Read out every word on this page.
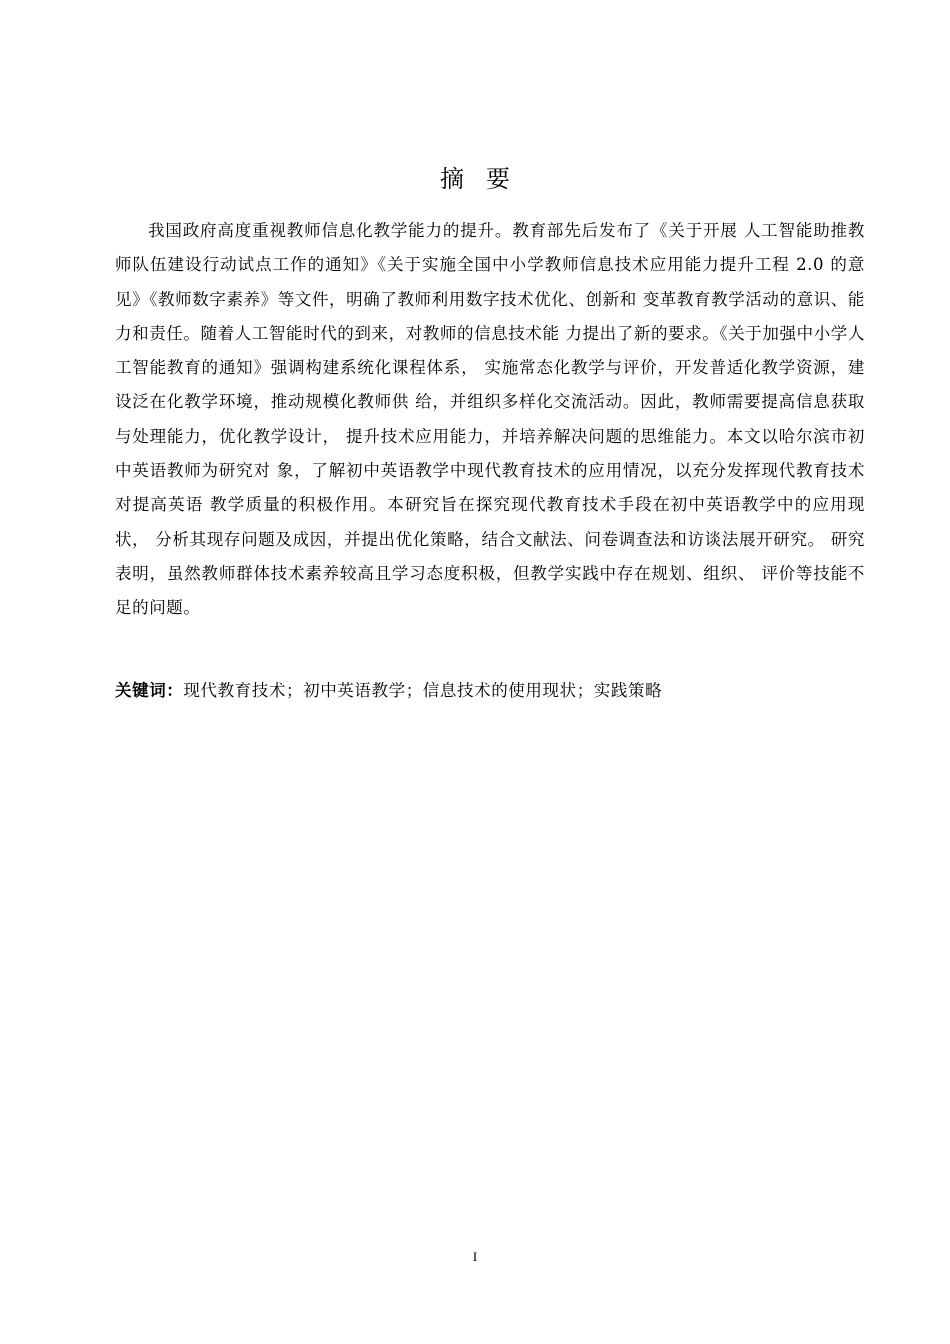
摘 要

我国政府高度重视教师信息化教学能力的提升。教育部先后发布了《关于开展 人工智能助推教师队伍建设行动试点工作的通知》《关于实施全国中小学教师信息技术应用能力提升工程 2.0 的意见》《教师数字素养》等文件，明确了教师利用数字技术优化、创新和 变革教育教学活动的意识、能力和责任。随着人工智能时代的到来，对教师的信息技术能 力提出了新的要求。《关于加强中小学人工智能教育的通知》强调构建系统化课程体系， 实施常态化教学与评价，开发普适化教学资源，建设泛在化教学环境，推动规模化教师供 给，并组织多样化交流活动。因此，教师需要提高信息获取与处理能力，优化教学设计， 提升技术应用能力，并培养解决问题的思维能力。本文以哈尔滨市初中英语教师为研究对 象，了解初中英语教学中现代教育技术的应用情况，以充分发挥现代教育技术对提高英语 教学质量的积极作用。本研究旨在探究现代教育技术手段在初中英语教学中的应用现状， 分析其现存问题及成因，并提出优化策略，结合文献法、问卷调查法和访谈法展开研究。 研究表明，虽然教师群体技术素养较高且学习态度积极，但教学实践中存在规划、组织、 评价等技能不足的问题。

关键词：现代教育技术；初中英语教学；信息技术的使用现状；实践策略

I
